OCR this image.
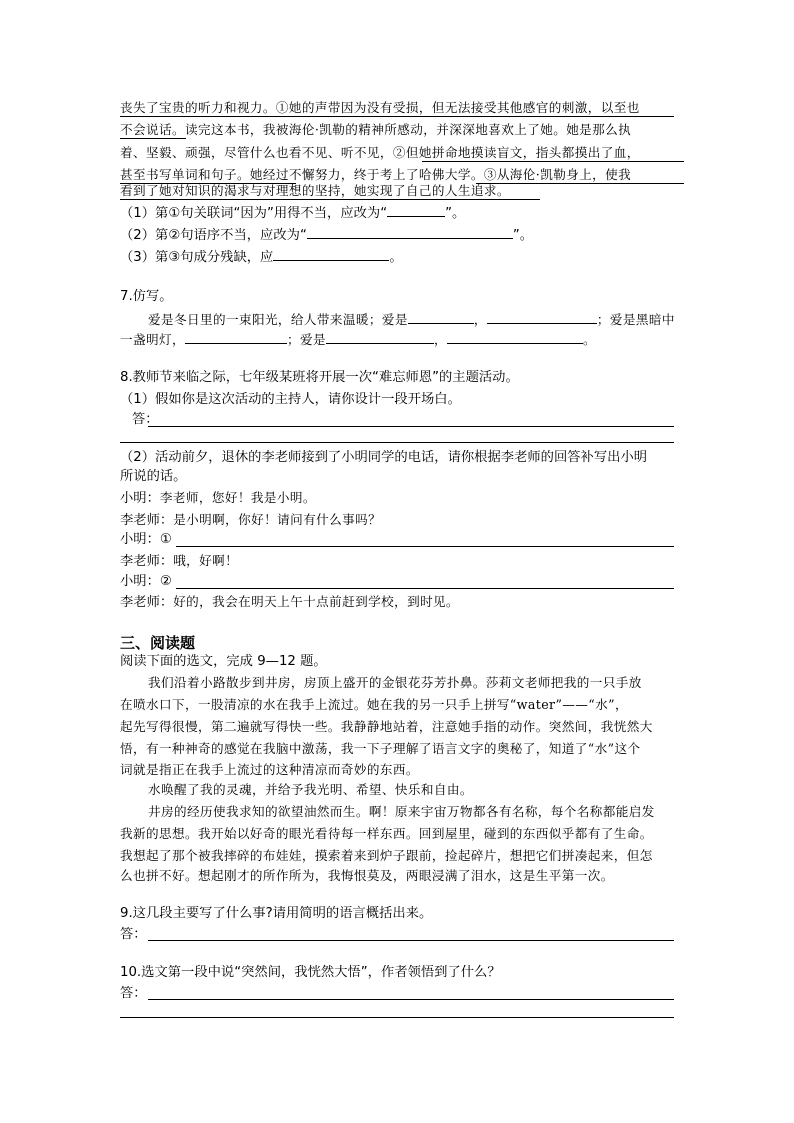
丧失了宝贵的听力和视力。①她的声带因为没有受损，但无法接受其他感官的刺激，以至也
不会说话。读完这本书，我被海伦·凯勒的精神所感动，并深深地喜欢上了她。她是那么执
着、坚毅、顽强，尽管什么也看不见、听不见，②但她拼命地摸读盲文，指头都摸出了血，
甚至书写单词和句子。她经过不懈努力，终于考上了哈佛大学。③从海伦·凯勒身上，使我
看到了她对知识的渴求与对理想的坚持，她实现了自己的人生追求。
（1）第①句关联词“因为”用得不当，应改为“	”。
（2）第②句语序不当，应改为“	”。
（3）第③句成分残缺，应	。
7.仿写。
爱是冬日里的一束阳光，给人带来温暖；爱是	，	；爱是黑暗中
一盏明灯，	；爱是	，	。
8.教师节来临之际，七年级某班将开展一次“难忘师恩”的主题活动。
（1）假如你是这次活动的主持人，请你设计一段开场白。
答：
（2）活动前夕，退休的李老师接到了小明同学的电话，请你根据李老师的回答补写出小明
所说的话。
小明：李老师，您好！我是小明。
李老师：是小明啊，你好！请问有什么事吗？
小明：①
李老师：哦，好啊！
小明：②
李老师：好的，我会在明天上午十点前赶到学校，到时见。
三、阅读题
阅读下面的选文，完成 9—12 题。
我们沿着小路散步到井房，房顶上盛开的金银花芬芳扑鼻。莎莉文老师把我的一只手放
在喷水口下，一股清凉的水在我手上流过。她在我的另一只手上拼写“water”——“水”，
起先写得很慢，第二遍就写得快一些。我静静地站着，注意她手指的动作。突然间，我恍然大
悟，有一种神奇的感觉在我脑中激荡，我一下子理解了语言文字的奥秘了，知道了“水”这个
词就是指正在我手上流过的这种清凉而奇妙的东西。
水唤醒了我的灵魂，并给予我光明、希望、快乐和自由。
井房的经历使我求知的欲望油然而生。啊！原来宇宙万物都各有名称，每个名称都能启发
我新的思想。我开始以好奇的眼光看待每一样东西。回到屋里，碰到的东西似乎都有了生命。
我想起了那个被我摔碎的布娃娃，摸索着来到炉子跟前，捡起碎片，想把它们拼凑起来，但怎
么也拼不好。想起刚才的所作所为，我悔恨莫及，两眼浸满了泪水，这是生平第一次。
9.这几段主要写了什么事?请用简明的语言概括出来。
答：
10.选文第一段中说“突然间，我恍然大悟”，作者领悟到了什么？
答：
